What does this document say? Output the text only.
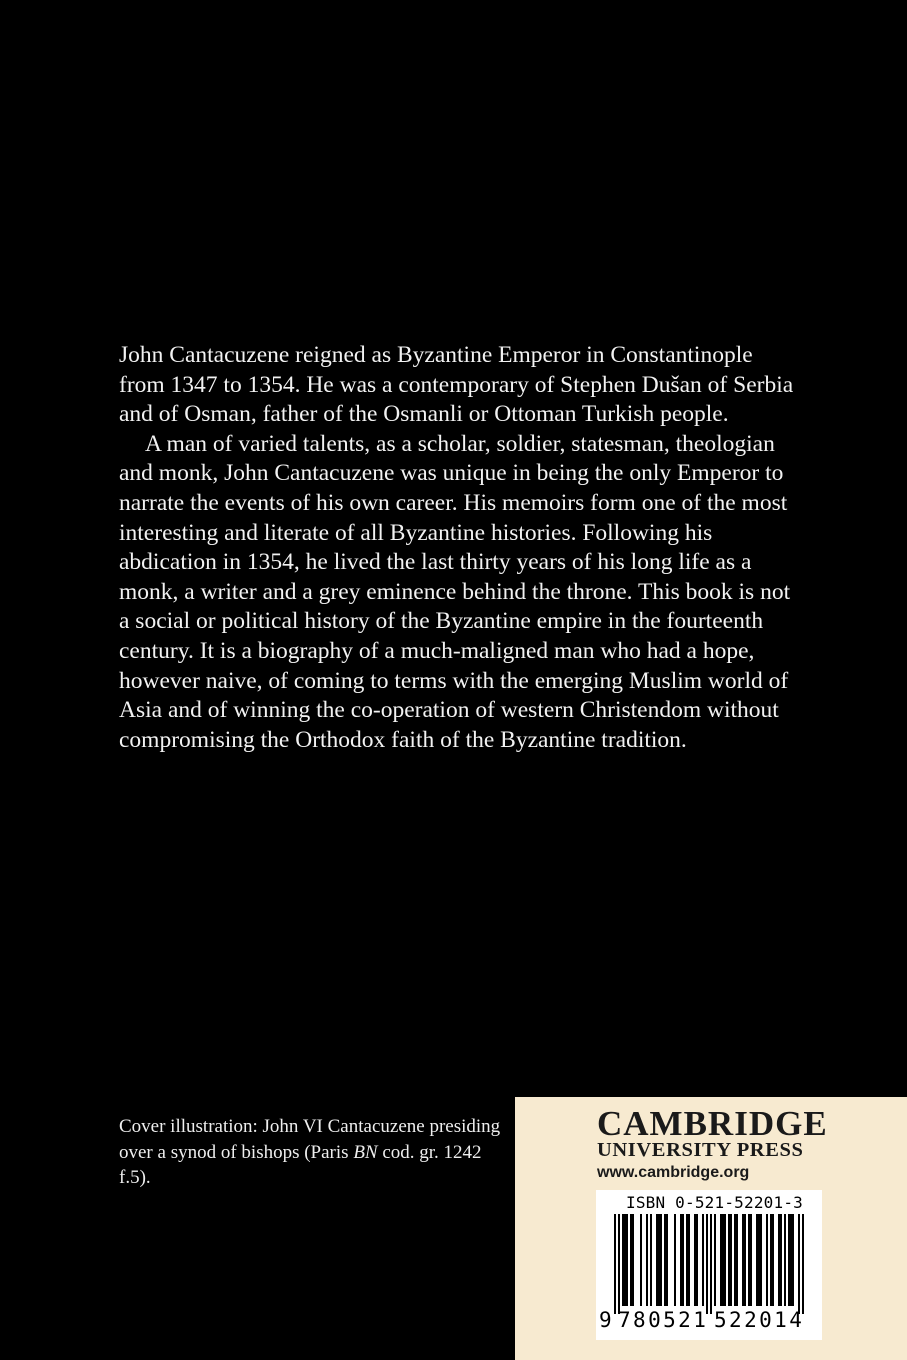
John Cantacuzene reigned as Byzantine Emperor in Constantinople from 1347 to 1354. He was a contemporary of Stephen Dušan of Serbia and of Osman, father of the Osmanli or Ottoman Turkish people.

A man of varied talents, as a scholar, soldier, statesman, theologian and monk, John Cantacuzene was unique in being the only Emperor to narrate the events of his own career. His memoirs form one of the most interesting and literate of all Byzantine histories. Following his abdication in 1354, he lived the last thirty years of his long life as a monk, a writer and a grey eminence behind the throne. This book is not a social or political history of the Byzantine empire in the fourteenth century. It is a biography of a much-maligned man who had a hope, however naive, of coming to terms with the emerging Muslim world of Asia and of winning the co-operation of western Christendom without compromising the Orthodox faith of the Byzantine tradition.

Cover illustration: John VI Cantacuzene presiding over a synod of bishops (Paris BN cod. gr. 1242 f.5).
CAMBRIDGE
UNIVERSITY PRESS
www.cambridge.org
ISBN 0-521-52201-3
9 780521 522014
